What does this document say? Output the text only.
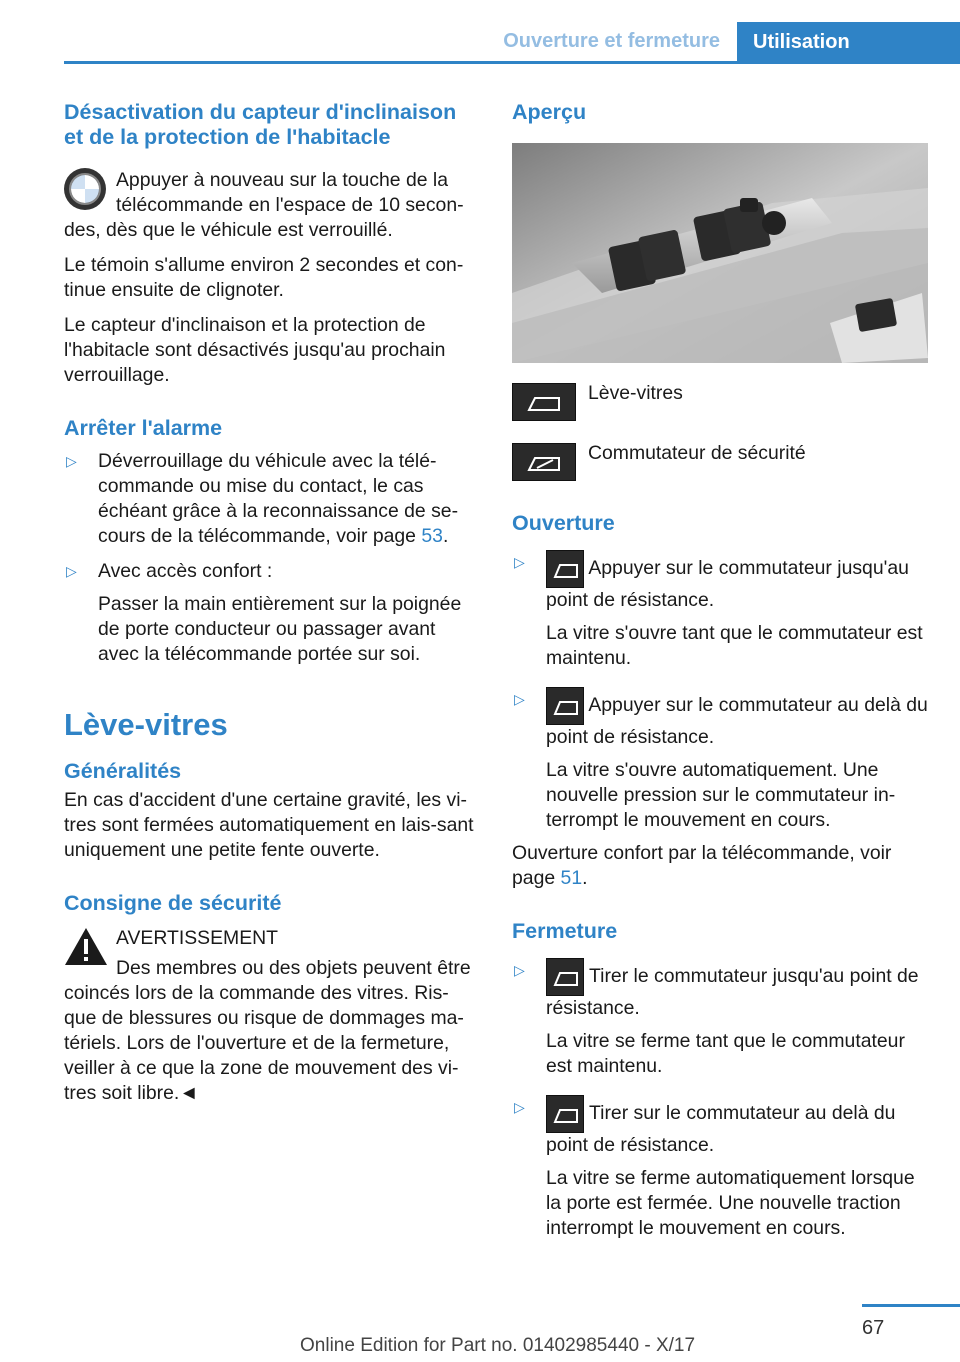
Ouverture et fermeture	Utilisation
Désactivation du capteur d'inclinaison et de la protection de l'habitacle

Appuyer à nouveau sur la touche de la

télécommande en l'espace de 10 secon-

des, dès que le véhicule est verrouillé.

Le témoin s'allume environ 2 secondes et con-tinue ensuite de clignoter.

Le capteur d'inclinaison et la protection de l'habitacle sont désactivés jusqu'au prochain verrouillage.

Arrêter l'alarme
▷	Déverrouillage du véhicule avec la télé-commande ou mise du contact, le cas échéant grâce à la reconnaissance de se-cours de la télécommande, voir page 53.
▷	Avec accès confort :

Passer la main entièrement sur la poignée de porte conducteur ou passager avant avec la télécommande portée sur soi.

Lève-vitres
Généralités

En cas d'accident d'une certaine gravité, les vi-tres sont fermées automatiquement en lais-sant uniquement une petite fente ouverte.

Consigne de sécurité

AVERTISSEMENT

Des membres ou des objets peuvent être

coincés lors de la commande des vitres. Ris-que de blessures ou risque de dommages ma-tériels. Lors de l'ouverture et de la fermeture, veiller à ce que la zone de mouvement des vi-tres soit libre.◄

Aperçu
Lève-vitres
Commutateur de sécurité
Ouverture
▷	Appuyer sur le commutateur jusqu'au point de résistance.

La vitre s'ouvre tant que le commutateur est maintenu.

▷	Appuyer sur le commutateur au delà du point de résistance.

La vitre s'ouvre automatiquement. Une nouvelle pression sur le commutateur in-terrompt le mouvement en cours.

Ouverture confort par la télécommande, voir page 51.

Fermeture
▷	Tirer le commutateur jusqu'au point de résistance.

La vitre se ferme tant que le commutateur est maintenu.

▷	Tirer sur le commutateur au delà du point de résistance.

La vitre se ferme automatiquement lorsque la porte est fermée. Une nouvelle traction interrompt le mouvement en cours.

67
Online Edition for Part no. 01402985440 - X/17
